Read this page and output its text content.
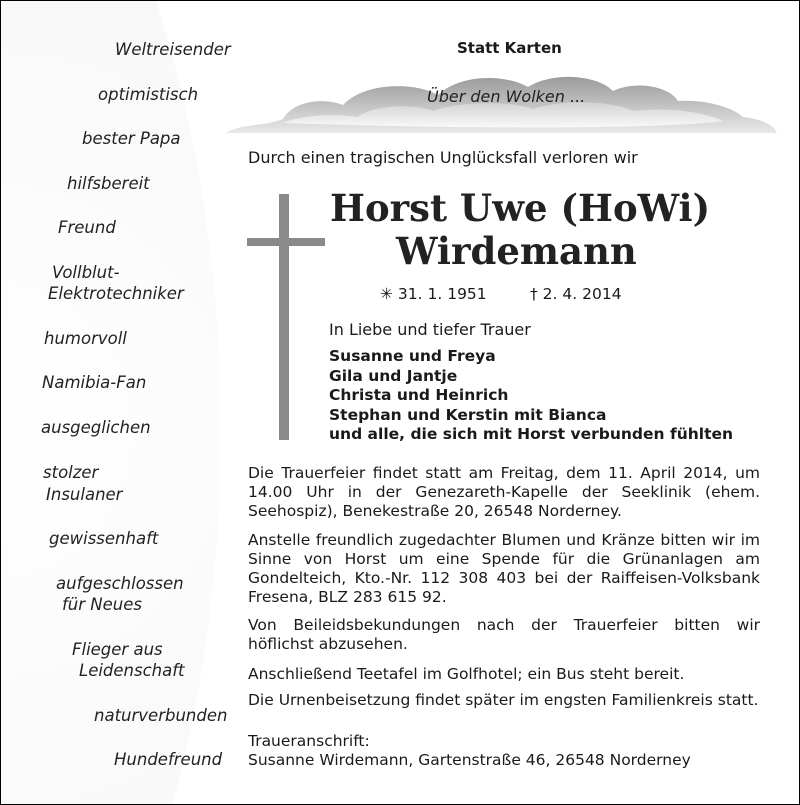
Weltreisender
optimistisch
bester Papa
hilfsbereit
Freund
Vollblut-
Elektrotechniker
humorvoll
Namibia-Fan
ausgeglichen
stolzer
Insulaner
gewissenhaft
aufgeschlossen
für Neues
Flieger aus
Leidenschaft
naturverbunden
Hundefreund
Statt Karten
Über den Wolken ...
Durch einen tragischen Unglücksfall verloren wir
Horst Uwe (HoWi)
Wirdemann
✳ 31. 1. 1951	† 2. 4. 2014
In Liebe und tiefer Trauer
Susanne und Freya
Gila und Jantje
Christa und Heinrich
Stephan und Kerstin mit Bianca
und alle, die sich mit Horst verbunden fühlten
Die Trauerfeier findet statt am Freitag, dem 11. April 2014, um 14.00 Uhr in der Genezareth-Kapelle der Seeklinik (ehem. Seehospiz), Benekestraße 20, 26548 Norderney.
Anstelle freundlich zugedachter Blumen und Kränze bitten wir im Sinne von Horst um eine Spende für die Grünanlagen am Gondelteich, Kto.-Nr. 112 308 403 bei der Raiffeisen-Volksbank Fresena, BLZ 283 615 92.
Von Beileidsbekundungen nach der Trauerfeier bitten wir höflichst abzusehen.
Anschließend Teetafel im Golfhotel; ein Bus steht bereit.
Die Urnenbeisetzung findet später im engsten Familienkreis statt.
Traueranschrift:
Susanne Wirdemann, Gartenstraße 46, 26548 Norderney
